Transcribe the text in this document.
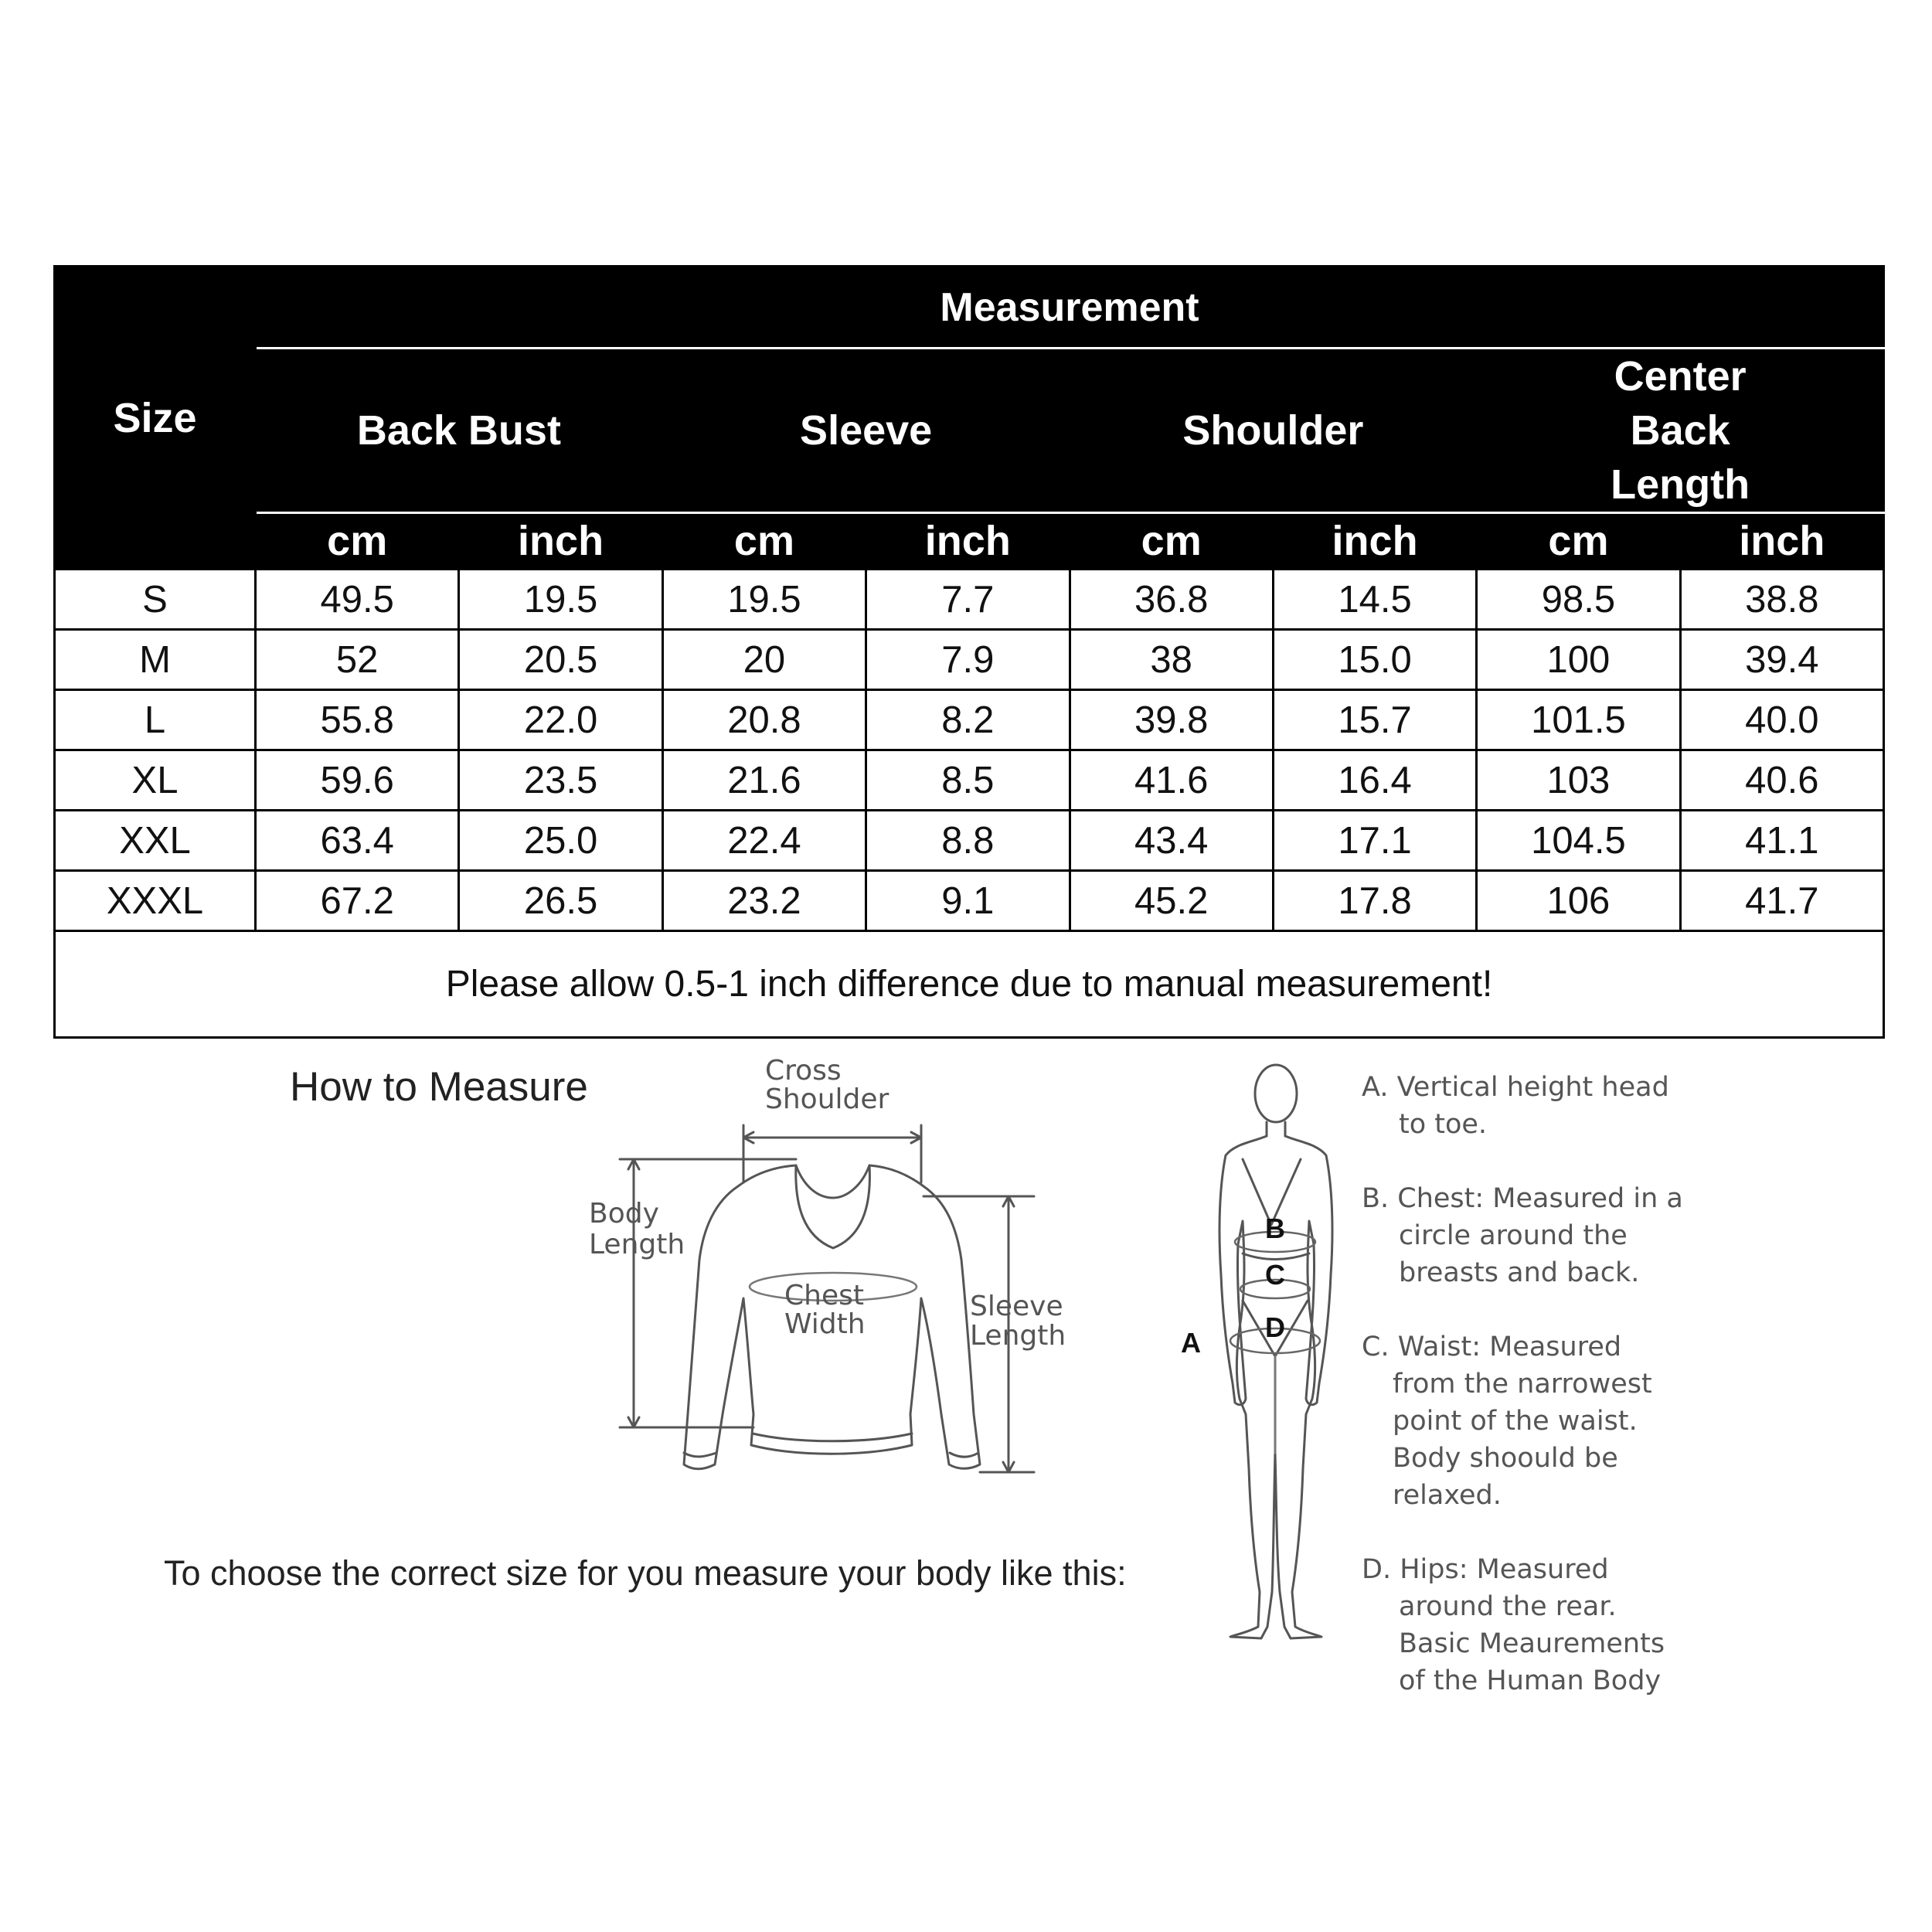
Size	Measurement							
	Back Bust		Sleeve		Shoulder		Center Back Length	
	cm	inch	cm	inch	cm	inch	cm	inch
S	49.5	19.5	19.5	7.7	36.8	14.5	98.5	38.8
M	52	20.5	20	7.9	38	15.0	100	39.4
L	55.8	22.0	20.8	8.2	39.8	15.7	101.5	40.0
XL	59.6	23.5	21.6	8.5	41.6	16.4	103	40.6
XXL	63.4	25.0	22.4	8.8	43.4	17.1	104.5	41.1
XXXL	67.2	26.5	23.2	9.1	45.2	17.8	106	41.7
Please allow 0.5-1 inch difference due to manual measurement!								
How to Measure	Cross
Shoulder
Body
Length
Chest
Width
Sleeve
Length
To choose the correct size for you measure your body like this:
B
C
D
A
A. Vertical height head
to toe.
B. Chest: Measured in a
circle around the
breasts and back.
C. Waist: Measured
from the narrowest
point of the waist.
Body shoould be
relaxed.
D. Hips: Measured
around the rear.
Basic Meaurements
of the Human Body
